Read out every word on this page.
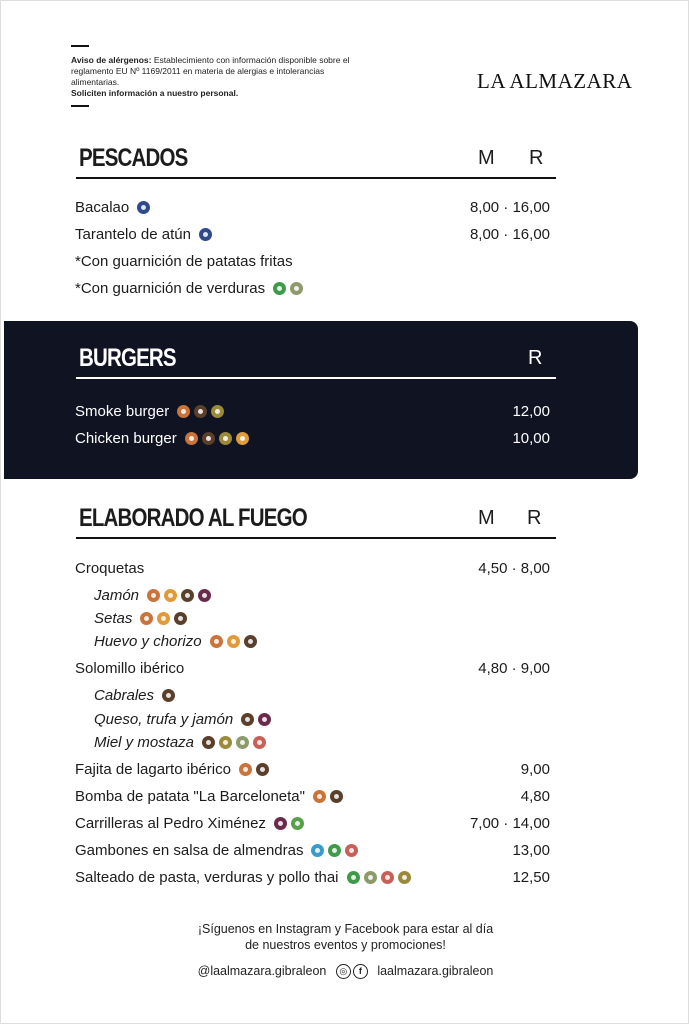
Aviso de alérgenos: Establecimiento con información disponible sobre el reglamento EU Nº 1169/2011 en materia de alergias e intolerancias alimentarias.
Soliciten información a nuestro personal.	LA ALMAZARA
PESCADOS	M R
Bacalao	8,00 · 16,00
Tarantelo de atún	8,00 · 16,00
*Con guarnición de patatas fritas
*Con guarnición de verduras
BURGERS	R
Smoke burger	12,00
Chicken burger	10,00
ELABORADO AL FUEGO	M R
Croquetas	4,50 · 8,00
Jamón
Setas
Huevo y chorizo
Solomillo ibérico	4,80 · 9,00
Cabrales
Queso, trufa y jamón
Miel y mostaza
Fajita de lagarto ibérico	9,00
Bomba de patata "La Barceloneta"	4,80
Carrilleras al Pedro Ximénez	7,00 · 14,00
Gambones en salsa de almendras	13,00
Salteado de pasta, verduras y pollo thai	12,50
¡Síguenos en Instagram y Facebook para estar al día
de nuestros eventos y promociones!
@laalmazara.gibraleon ◎ f laalmazara.gibraleon
